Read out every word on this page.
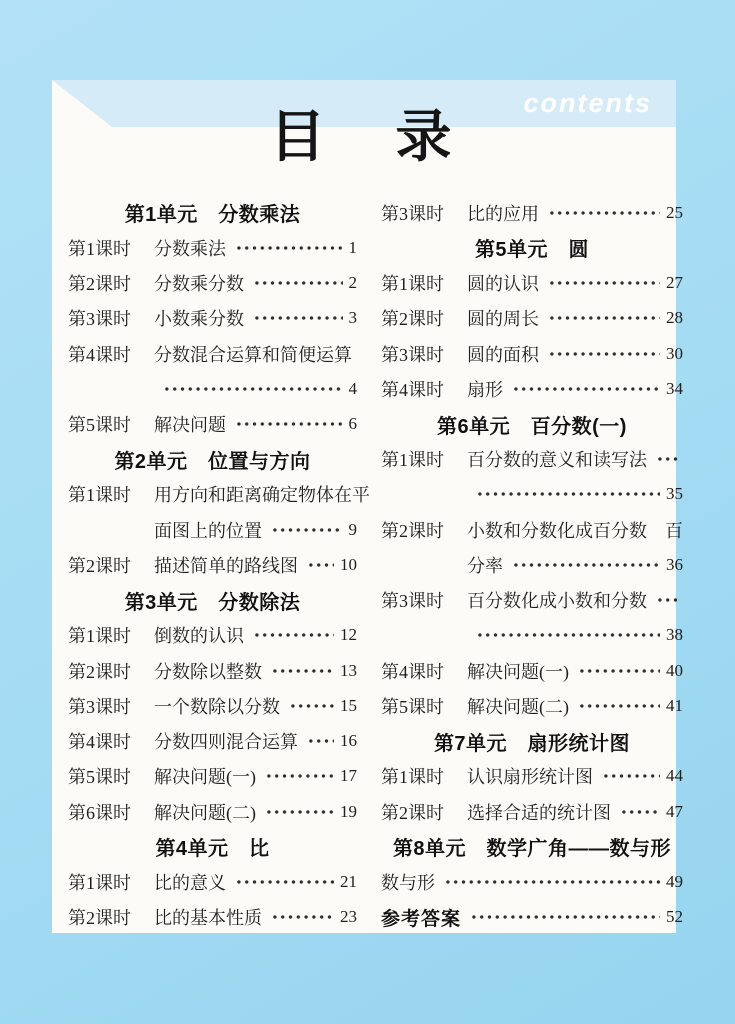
contents
目　录
第1单元　分数乘法
第1课时	分数乘法	1
第2课时	分数乘分数	2
第3课时	小数乘分数	3
第4课时	分数混合运算和简便运算
4
第5课时	解决问题	6
第2单元　位置与方向
第1课时	用方向和距离确定物体在平
面图上的位置	9
第2课时	描述简单的路线图 10
第3单元　分数除法
第1课时	倒数的认识	12
第2课时	分数除以整数	13
第3课时	一个数除以分数	15
第4课时	分数四则混合运算 16
第5课时	解决问题(一)	17
第6课时	解决问题(二)	19
第4单元　比
第1课时	比的意义	21
第2课时	比的基本性质	23
第3课时	比的应用	25
第5单元　圆
第1课时	圆的认识	27
第2课时	圆的周长	28
第3课时	圆的面积	30
第4课时	扇形	34
第6单元　百分数(一)
第1课时	百分数的意义和读写法
35
第2课时	小数和分数化成百分数　百
分率	36
第3课时	百分数化成小数和分数
38
第4课时	解决问题(一)	40
第5课时	解决问题(二)	41
第7单元　扇形统计图
第1课时	认识扇形统计图	44
第2课时	选择合适的统计图	47
第8单元　数学广角——数与形
数与形	49
参考答案	52
